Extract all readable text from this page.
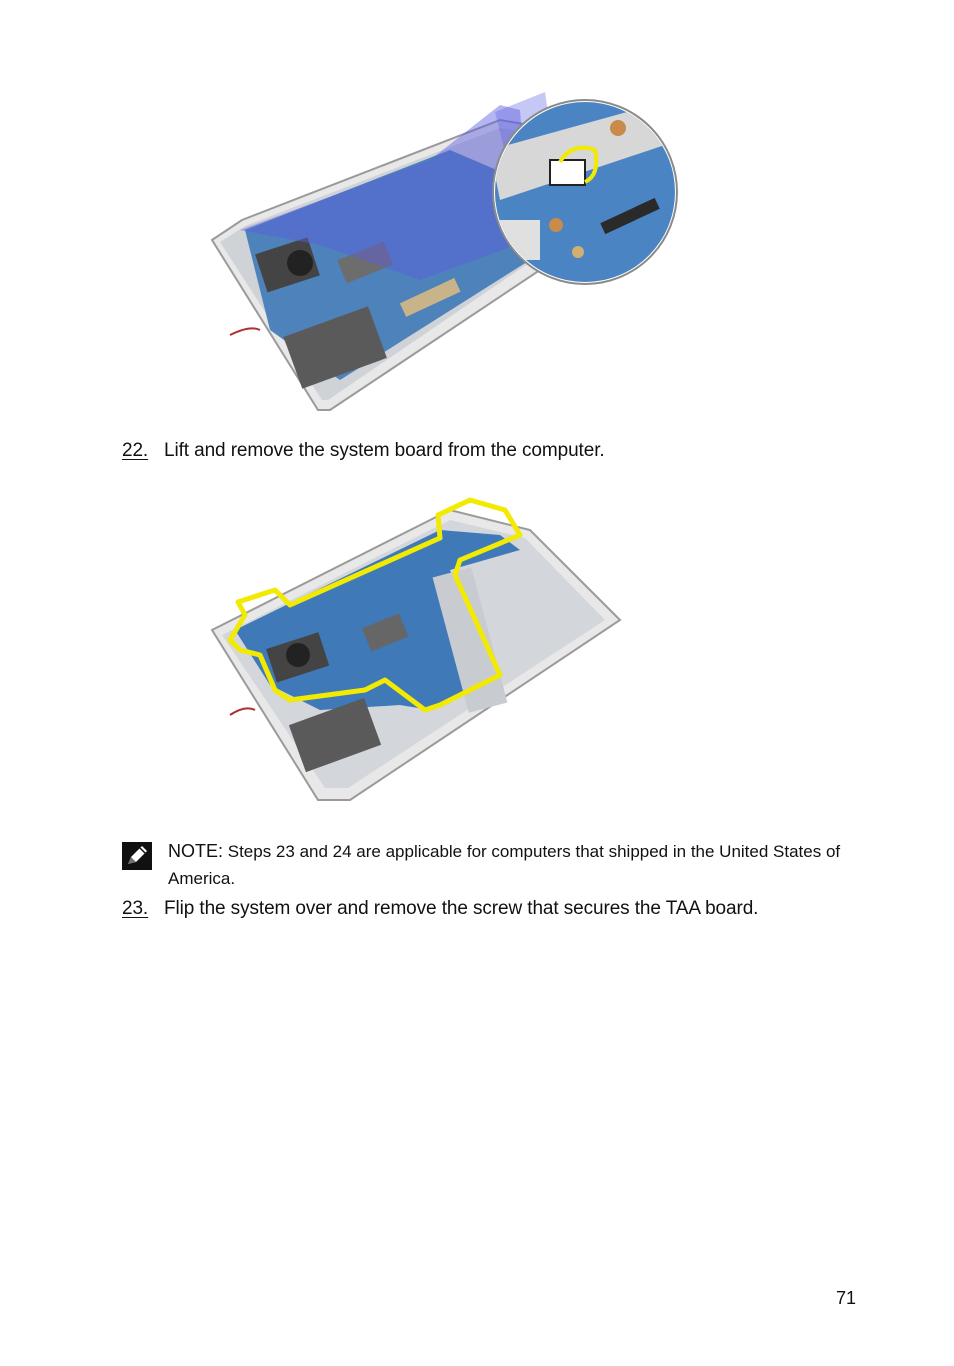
22. Lift and remove the system board from the computer.
NOTE: Steps 23 and 24 are applicable for computers that shipped in the United States of America.
23. Flip the system over and remove the screw that secures the TAA board.
71
